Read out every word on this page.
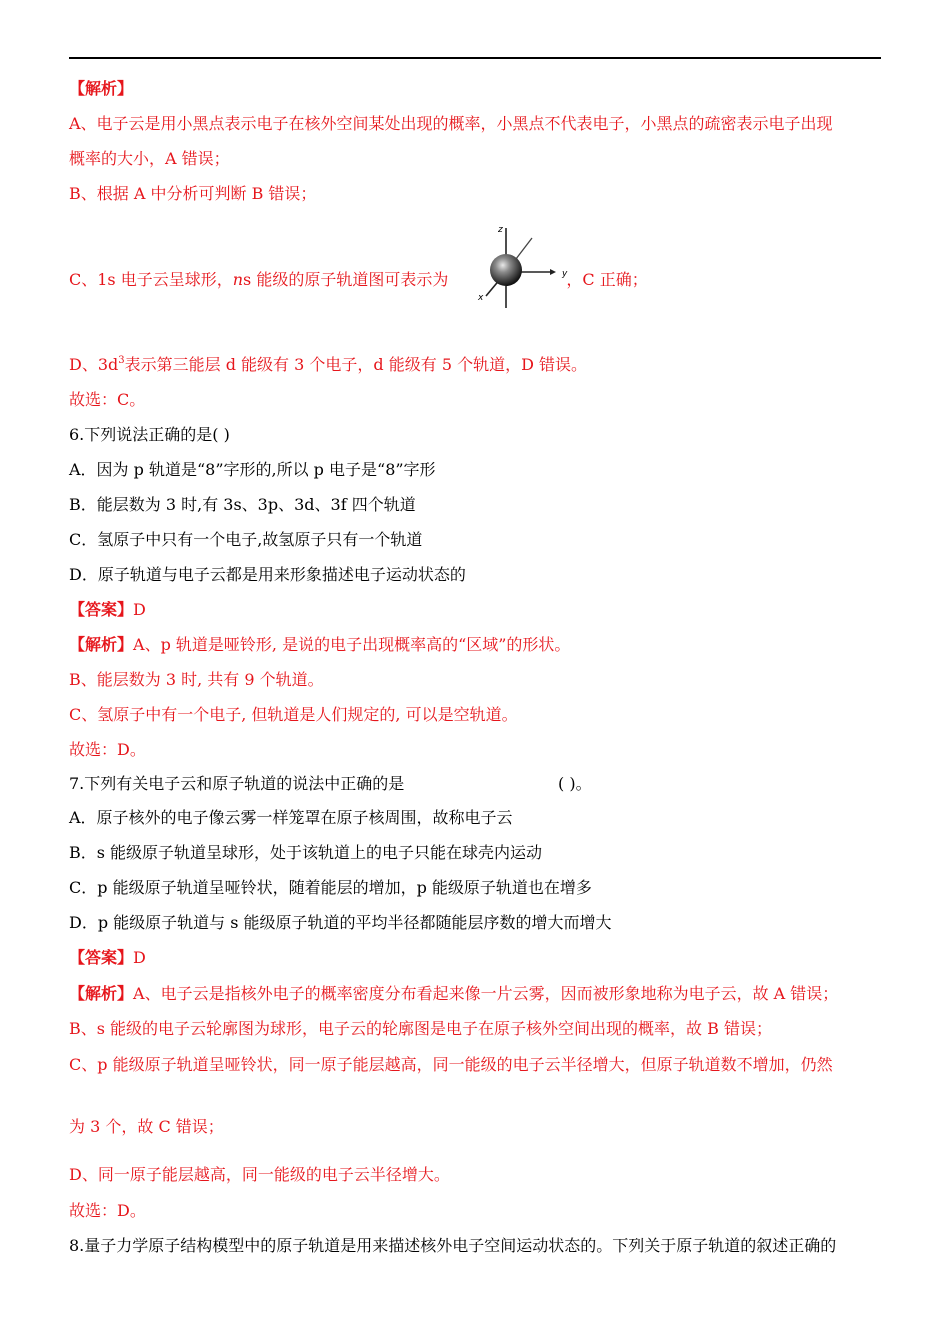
【解析】
A、电子云是用小黑点表示电子在核外空间某处出现的概率，小黑点不代表电子，小黑点的疏密表示电子出现
概率的大小，A 错误；
B、根据 A 中分析可判断 B 错误；
C、1s 电子云呈球形，ns 能级的原子轨道图可表示为	，C 正确；
z
y
x
D、$3d^3$表示第三能层 d 能级有 3 个电子，d 能级有 5 个轨道，D 错误。
故选：C。
6.下列说法正确的是( )
A．因为 p 轨道是“8”字形的,所以 p 电子是“8”字形
B．能层数为 3 时,有 3s、3p、3d、3f 四个轨道
C．氢原子中只有一个电子,故氢原子只有一个轨道
D．原子轨道与电子云都是用来形象描述电子运动状态的
【答案】D
【解析】A、p 轨道是哑铃形, 是说的电子出现概率高的“区域”的形状。
B、能层数为 3 时, 共有 9 个轨道。
C、氢原子中有一个电子, 但轨道是人们规定的, 可以是空轨道。
故选：D。
7.下列有关电子云和原子轨道的说法中正确的是	( )。
A．原子核外的电子像云雾一样笼罩在原子核周围，故称电子云
B．s 能级原子轨道呈球形，处于该轨道上的电子只能在球壳内运动
C．p 能级原子轨道呈哑铃状，随着能层的增加，p 能级原子轨道也在增多
D．p 能级原子轨道与 s 能级原子轨道的平均半径都随能层序数的增大而增大
【答案】D
【解析】A、电子云是指核外电子的概率密度分布看起来像一片云雾，因而被形象地称为电子云，故 A 错误；
B、s 能级的电子云轮廓图为球形，电子云的轮廓图是电子在原子核外空间出现的概率，故 B 错误；
C、p 能级原子轨道呈哑铃状，同一原子能层越高，同一能级的电子云半径增大，但原子轨道数不增加，仍然
为 3 个，故 C 错误；
D、同一原子能层越高，同一能级的电子云半径增大。
故选：D。
8.量子力学原子结构模型中的原子轨道是用来描述核外电子空间运动状态的。下列关于原子轨道的叙述正确的
